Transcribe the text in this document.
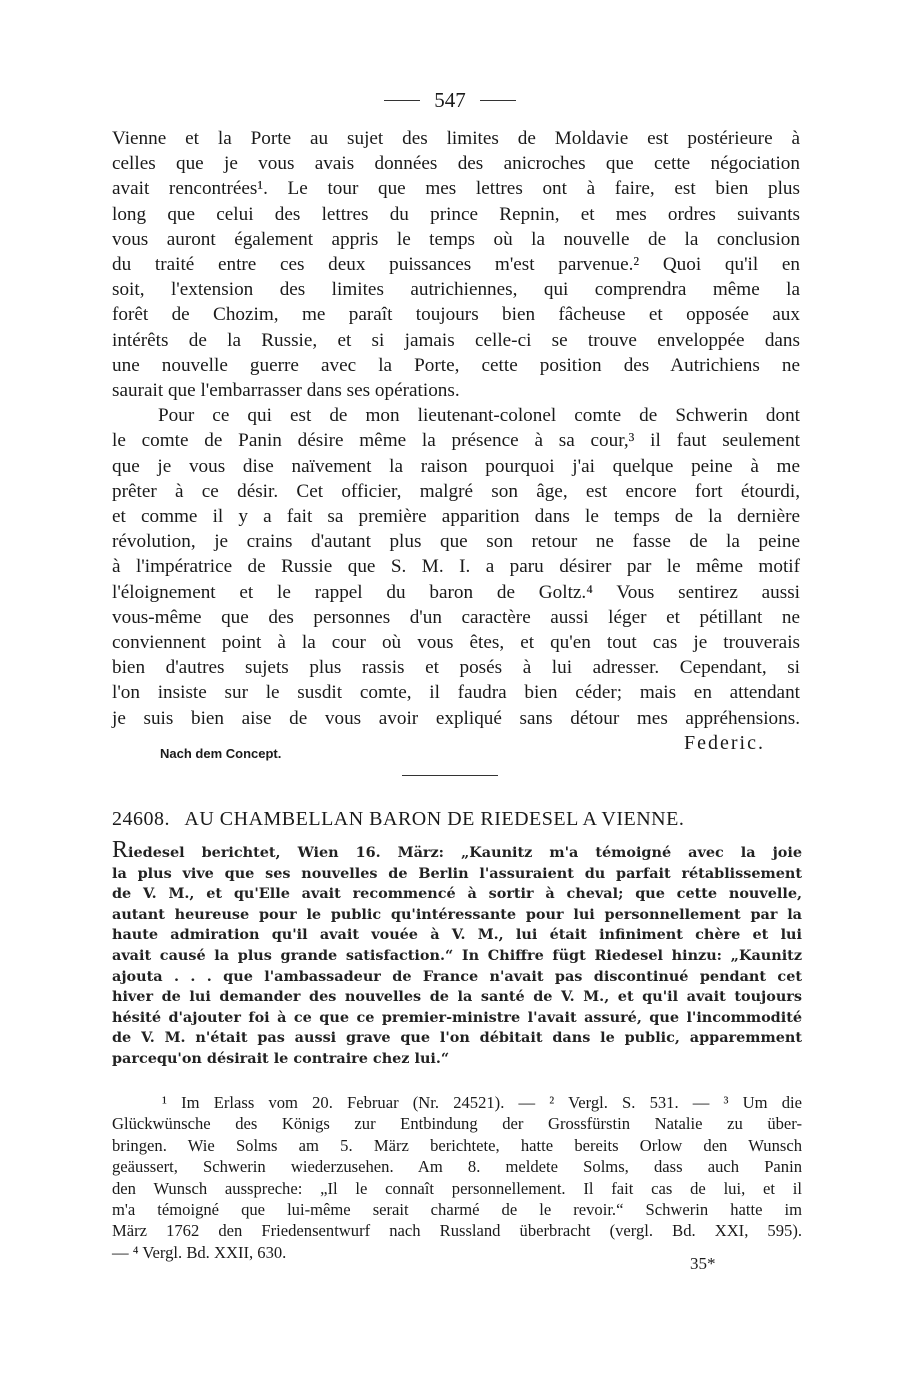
547

Vienne et la Porte au sujet des limites de Moldavie est postérieure à

celles que je vous avais données des anicroches que cette négociation

avait rencontrées¹. Le tour que mes lettres ont à faire, est bien plus

long que celui des lettres du prince Repnin, et mes ordres suivants

vous auront également appris le temps où la nouvelle de la conclusion

du traité entre ces deux puissances m'est parvenue.² Quoi qu'il en

soit, l'extension des limites autrichiennes, qui comprendra même la

forêt de Chozim, me paraît toujours bien fâcheuse et opposée aux

intérêts de la Russie, et si jamais celle-ci se trouve enveloppée dans

une nouvelle guerre avec la Porte, cette position des Autrichiens ne

saurait que l'embarrasser dans ses opérations.

Pour ce qui est de mon lieutenant-colonel comte de Schwerin dont

le comte de Panin désire même la présence à sa cour,³ il faut seulement

que je vous dise naïvement la raison pourquoi j'ai quelque peine à me

prêter à ce désir. Cet officier, malgré son âge, est encore fort étourdi,

et comme il y a fait sa première apparition dans le temps de la dernière

révolution, je crains d'autant plus que son retour ne fasse de la peine

à l'impératrice de Russie que S. M. I. a paru désirer par le même motif

l'éloignement et le rappel du baron de Goltz.⁴ Vous sentirez aussi

vous-même que des personnes d'un caractère aussi léger et pétillant ne

conviennent point à la cour où vous êtes, et qu'en tout cas je trouverais

bien d'autres sujets plus rassis et posés à lui adresser. Cependant, si

l'on insiste sur le susdit comte, il faudra bien céder; mais en attendant

je suis bien aise de vous avoir expliqué sans détour mes appréhensions.

Federic.
Nach dem Concept.
24608. AU CHAMBELLAN BARON DE RIEDESEL A VIENNE.

Riedesel berichtet, Wien 16. März: „Kaunitz m'a témoigné avec la joie

la plus vive que ses nouvelles de Berlin l'assuraient du parfait rétablissement

de V. M., et qu'Elle avait recommencé à sortir à cheval; que cette nouvelle,

autant heureuse pour le public qu'intéressante pour lui personnellement par la

haute admiration qu'il avait vouée à V. M., lui était infiniment chère et lui

avait causé la plus grande satisfaction.“ In Chiffre fügt Riedesel hinzu: „Kaunitz

ajouta . . . que l'ambassadeur de France n'avait pas discontinué pendant cet

hiver de lui demander des nouvelles de la santé de V. M., et qu'il avait toujours

hésité d'ajouter foi à ce que ce premier-ministre l'avait assuré, que l'incommodité

de V. M. n'était pas aussi grave que l'on débitait dans le public, apparemment

parcequ'on désirait le contraire chez lui.“

¹ Im Erlass vom 20. Februar (Nr. 24521). — ² Vergl. S. 531. — ³ Um die

Glückwünsche des Königs zur Entbindung der Grossfürstin Natalie zu über-

bringen. Wie Solms am 5. März berichtete, hatte bereits Orlow den Wunsch

geäussert, Schwerin wiederzusehen. Am 8. meldete Solms, dass auch Panin

den Wunsch ausspreche: „Il le connaît personnellement. Il fait cas de lui, et il

m'a témoigné que lui-même serait charmé de le revoir.“ Schwerin hatte im

März 1762 den Friedensentwurf nach Russland überbracht (vergl. Bd. XXI, 595).

— ⁴ Vergl. Bd. XXII, 630.

35*
